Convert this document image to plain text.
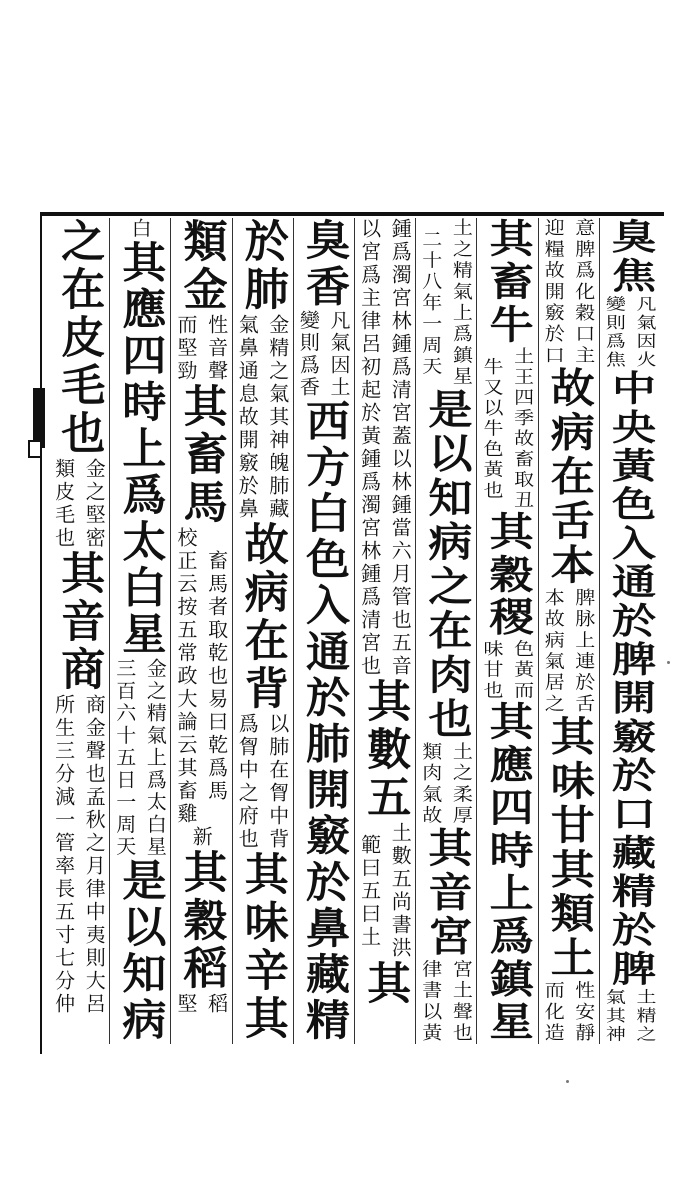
臭焦
凡氣因火
變則爲焦
中央黃色入通於脾開竅於口藏精於脾
土精之
氣其神
意脾爲化穀口主
迎糧故開竅於口
故病在舌本
脾脉上連於舌
本故病氣居之
其味甘其類土
性安靜
而化造
其畜牛
土王四季故畜取丑
牛又以牛色黃也
其穀稷
色黃而
味甘也
其應四時上爲鎮星
土之精氣上爲鎮星
二十八年一周天
是以知病之在肉也
土之柔厚
類肉氣故
其音宮
宮土聲也
律書以黃
鍾爲濁宮林鍾爲清宮蓋以林鍾當六月管也五音
以宮爲主律呂初起於黃鍾爲濁宮林鍾爲清宮也
其數五
土數五尚書洪
範曰五曰土
其
臭香
凡氣因土
變則爲香
西方白色入通於肺開竅於鼻藏精
於肺
金精之氣其神魄肺藏
氣鼻通息故開竅於鼻
故病在背
以肺在胷中背
爲胷中之府也
其味辛其
類金
性音聲
而堅勁
其畜馬
畜馬者取乾也易曰乾爲馬
校正云按五常政大論云其畜雞
新
其穀稻
稻
堅
白
其應四時上爲太白星
金之精氣上爲太白星
三百六十五日一周天
是以知病
之在皮毛也
金之堅密
類皮毛也
其音商
商金聲也孟秋之月律中夷則大呂
所生三分減一管率長五寸七分仲
